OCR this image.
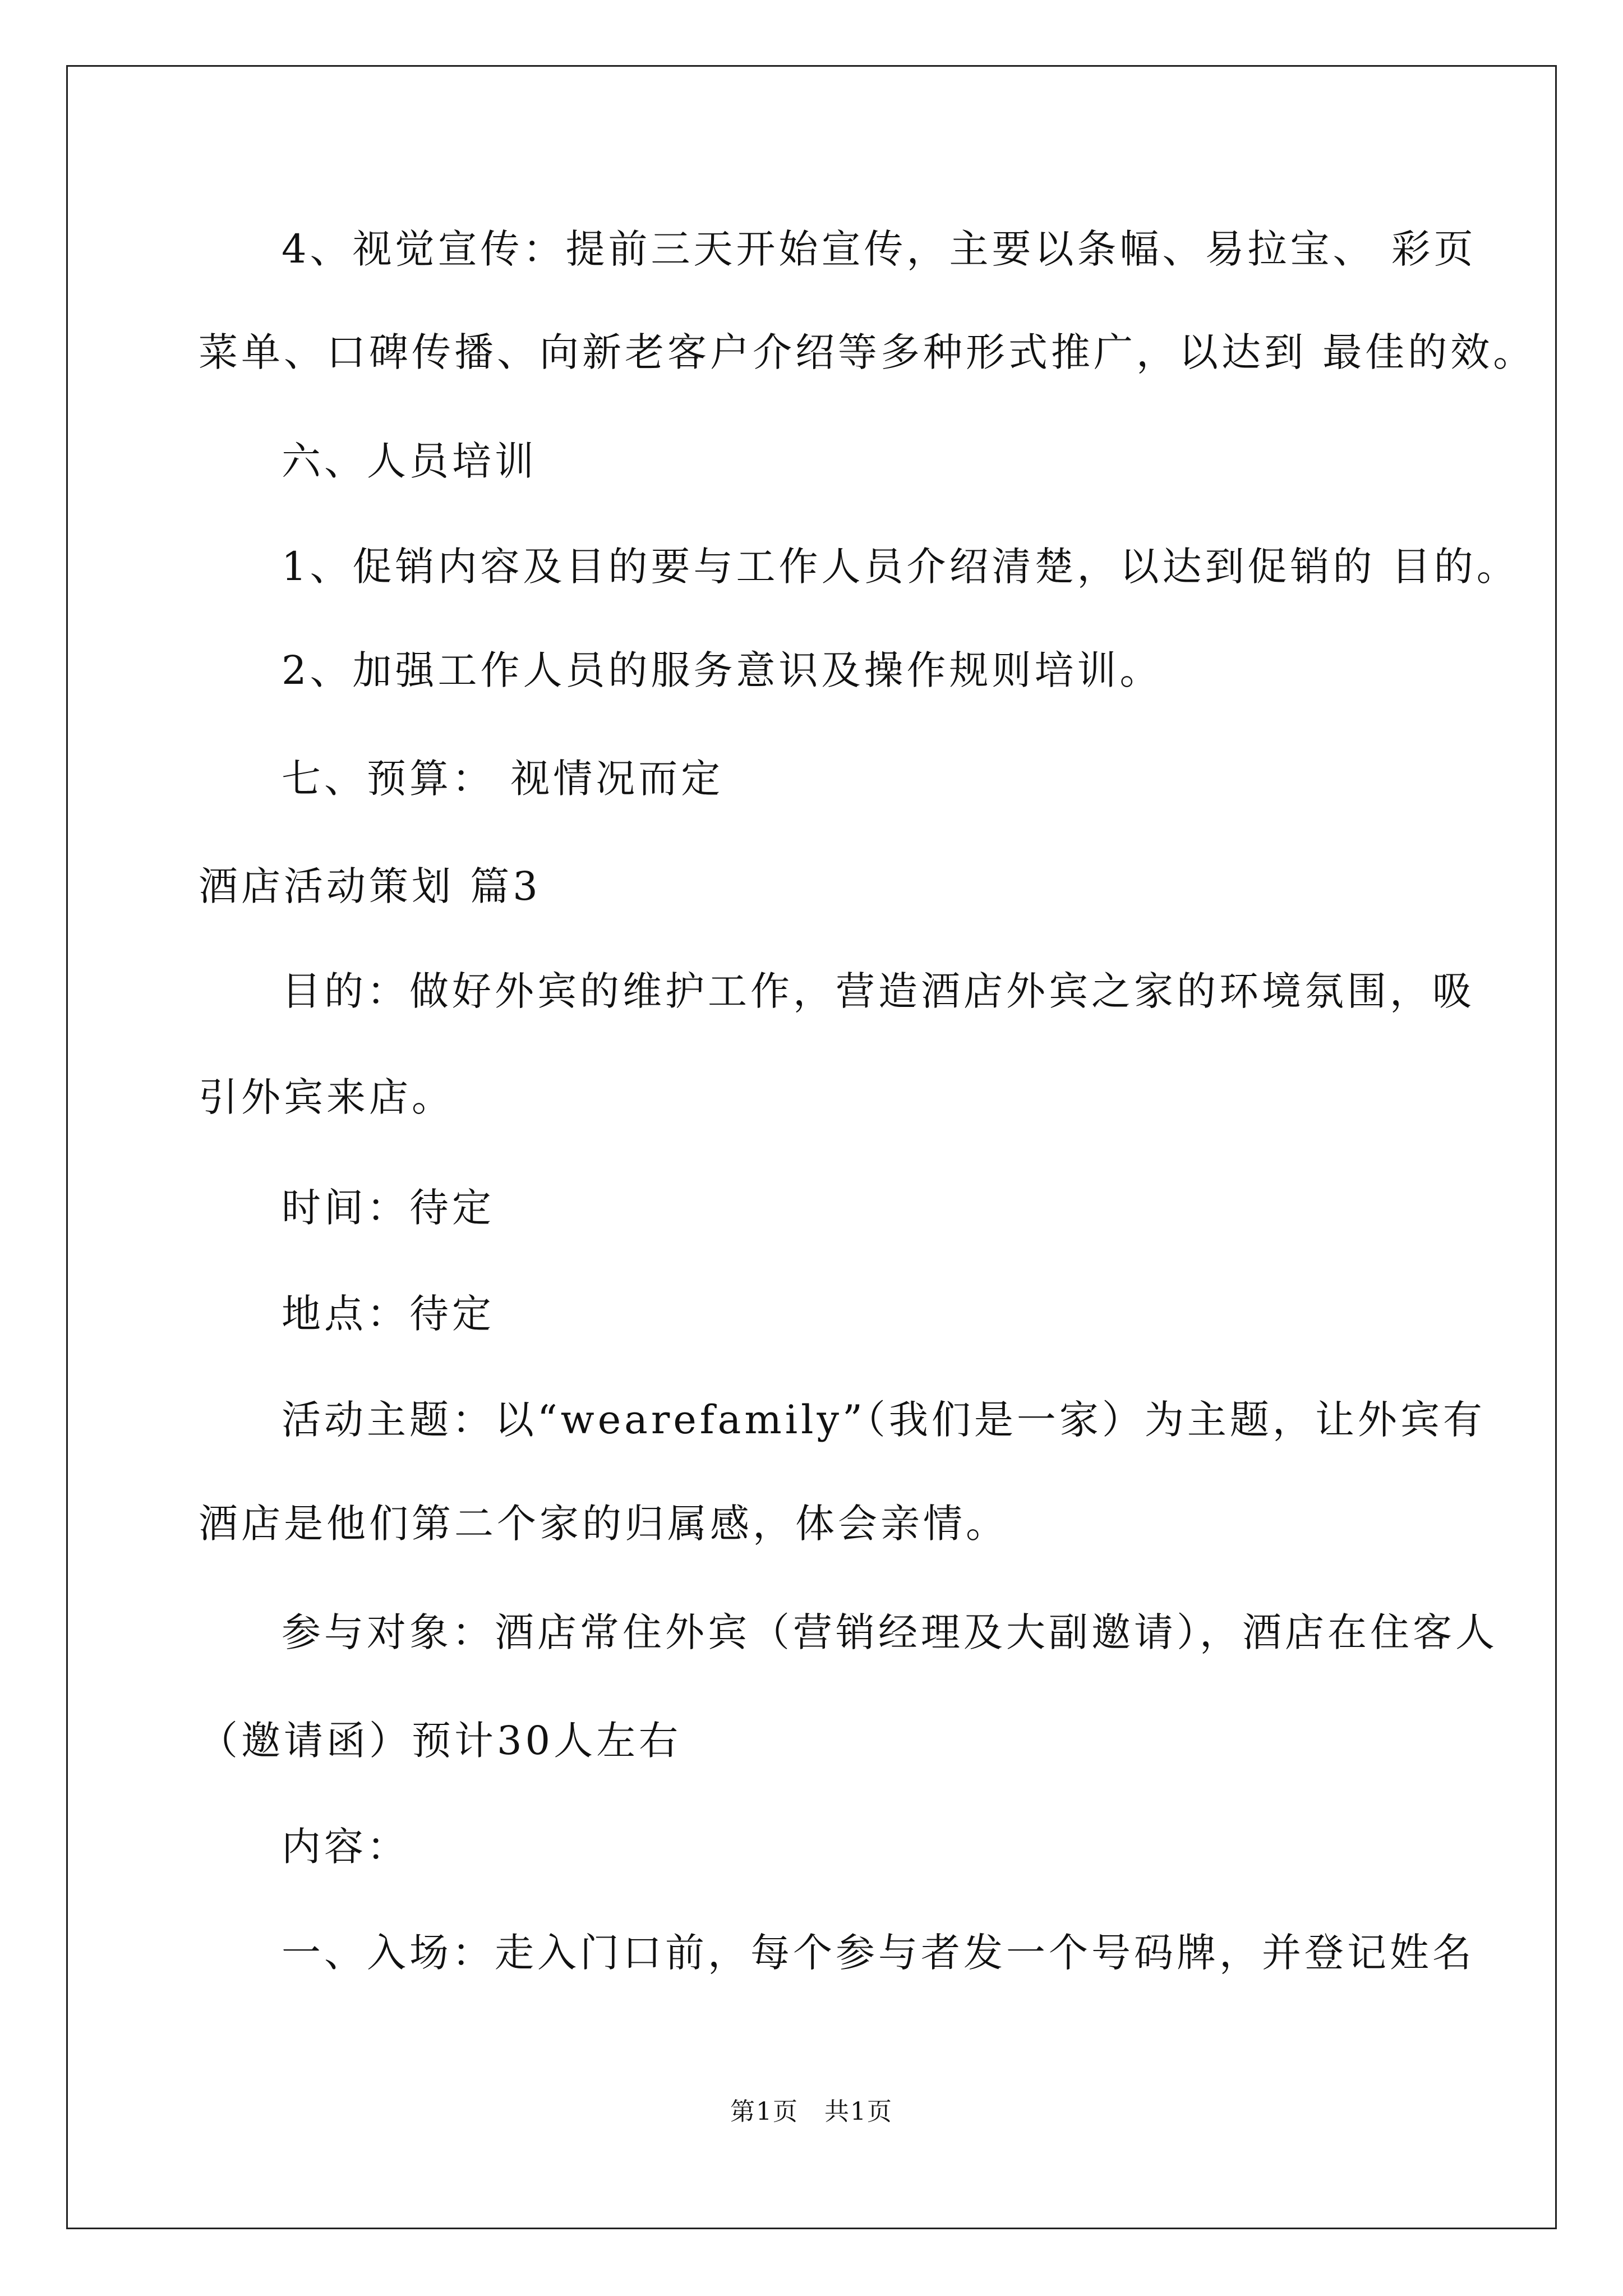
4、视觉宣传：提前三天开始宣传，主要以条幅、易拉宝、 彩页
菜单、口碑传播、向新老客户介绍等多种形式推广，以达到 最佳的效。
六、人员培训
1、促销内容及目的要与工作人员介绍清楚，以达到促销的 目的。
2、加强工作人员的服务意识及操作规则培训。
七、预算： 视情况而定
酒店活动策划 篇3
目的：做好外宾的维护工作，营造酒店外宾之家的环境氛围，吸
引外宾来店。
时间：待定
地点：待定
活动主题：以“wearefamily”（我们是一家）为主题，让外宾有
酒店是他们第二个家的归属感，体会亲情。
参与对象：酒店常住外宾（营销经理及大副邀请），酒店在住客人
（邀请函）预计30人左右
内容：
一、入场：走入门口前，每个参与者发一个号码牌，并登记姓名
第1页　共1页
